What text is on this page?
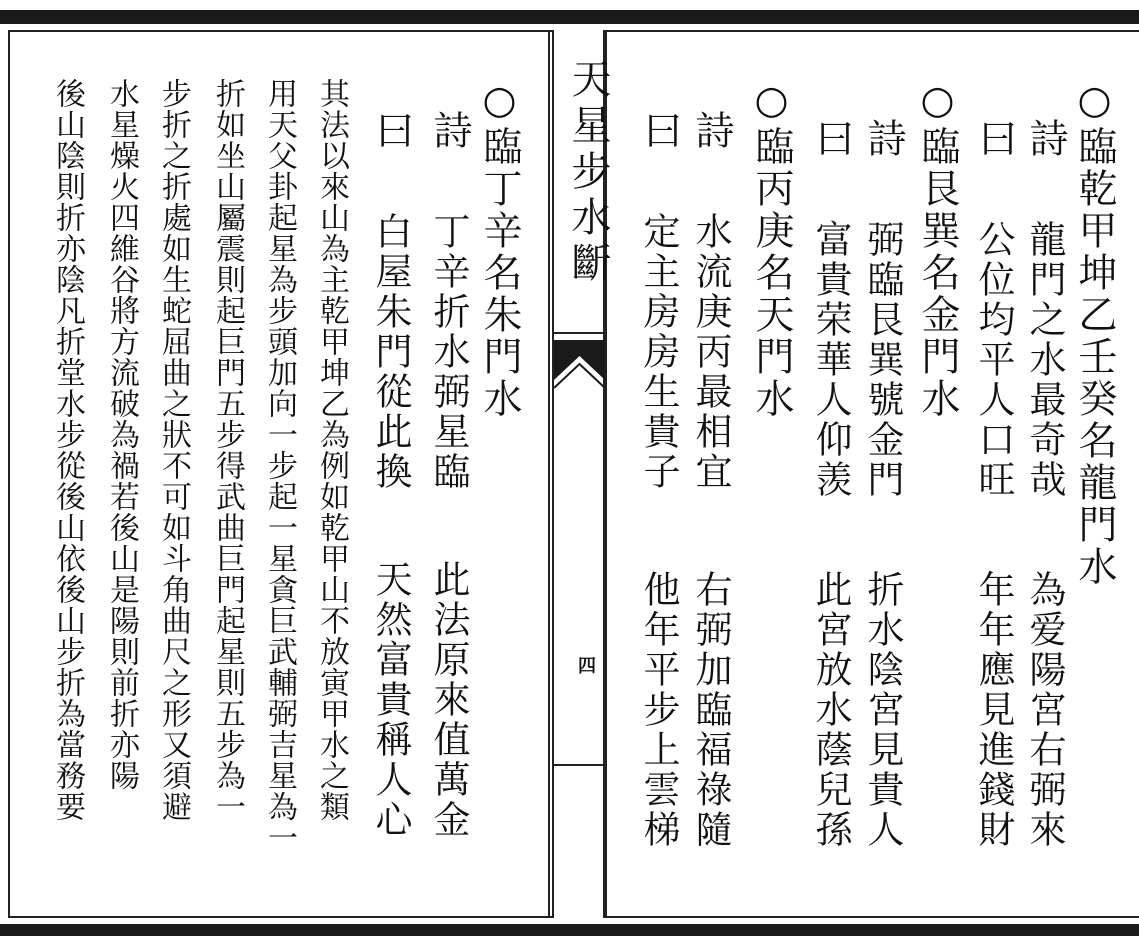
天星步水斷
四
○臨乾甲坤乙壬癸名龍門水
詩
龍門之水最奇哉
為爱陽宮右弼來
曰
公位均平人口旺
年年應見進錢財
○臨艮巽名金門水
詩
弼臨艮巽號金門
折水陰宮見貴人
曰
富貴荣華人仰羡
此宮放水蔭兒孫
○臨丙庚名天門水
詩
水流庚丙最相宜
右弼加臨福祿隨
曰
定主房房生貴子
他年平步上雲梯
○臨丁辛名朱門水
詩
丁辛折水弼星臨
此法原來值萬金
曰
白屋朱門從此換
天然富貴稱人心
其法以來山為主乾甲坤乙為例如乾甲山不放寅甲水之類
用天父卦起星為步頭加向一步起一星貪巨武輔弼吉星為一
折如坐山屬震則起巨門五步得武曲巨門起星則五步為一
步折之折處如生蛇屈曲之狀不可如斗角曲尺之形又須避
水星燥火四維谷將方流破為禍若後山是陽則前折亦陽
後山陰則折亦陰凡折堂水步從後山依後山步折為當務要
